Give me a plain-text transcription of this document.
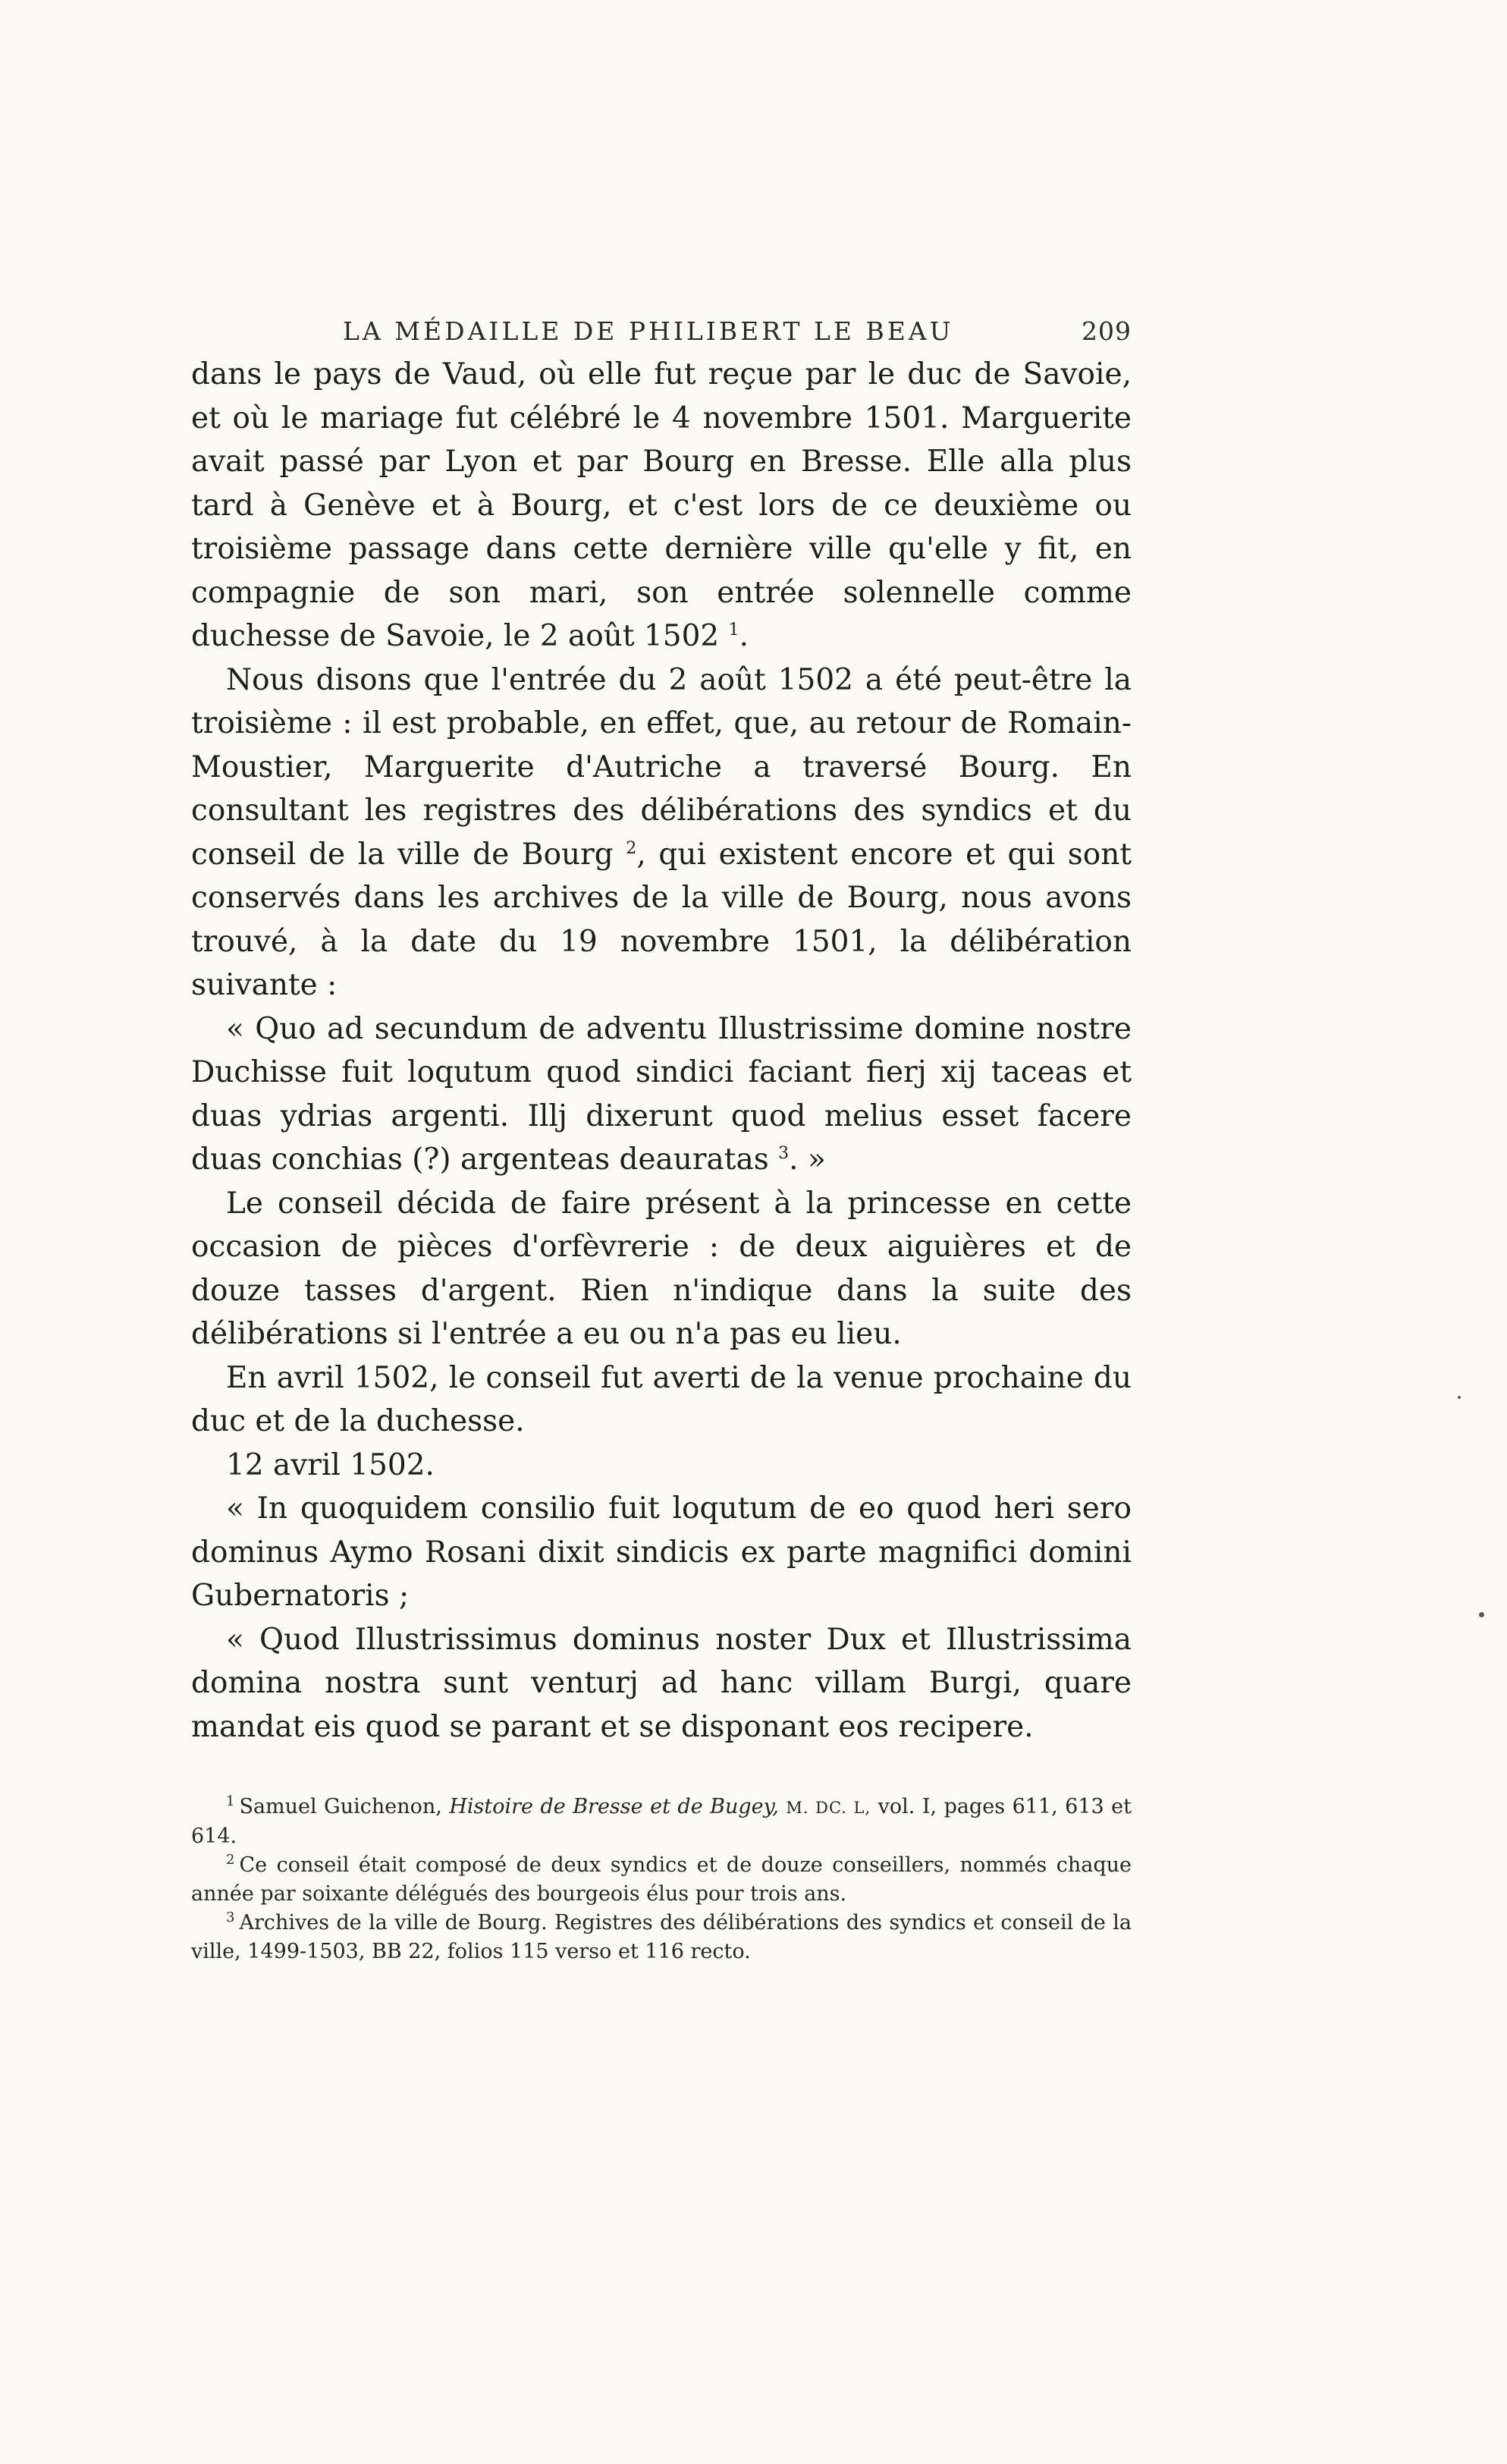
LA MÉDAILLE DE PHILIBERT LE BEAU	209

dans le pays de Vaud, où elle fut reçue par le duc de Savoie, et où le mariage fut célébré le 4 novembre 1501. Marguerite avait passé par Lyon et par Bourg en Bresse. Elle alla plus tard à Genève et à Bourg, et c'est lors de ce deuxième ou troisième passage dans cette dernière ville qu'elle y fit, en compagnie de son mari, son entrée solennelle comme duchesse de Savoie, le 2 août 1502 $^1$.

Nous disons que l'entrée du 2 août 1502 a été peut-être la troisième : il est probable, en effet, que, au retour de Romain-Moustier, Marguerite d'Autriche a traversé Bourg. En consultant les registres des délibérations des syndics et du conseil de la ville de Bourg $^2$, qui existent encore et qui sont conservés dans les archives de la ville de Bourg, nous avons trouvé, à la date du 19 novembre 1501, la délibération suivante :

« Quo ad secundum de adventu Illustrissime domine nostre Duchisse fuit loqutum quod sindici faciant fierj xij taceas et duas ydrias argenti. Illj dixerunt quod melius esset facere duas conchias (?) argenteas deauratas $^3$. »

Le conseil décida de faire présent à la princesse en cette occasion de pièces d'orfèvrerie : de deux aiguières et de douze tasses d'argent. Rien n'indique dans la suite des délibérations si l'entrée a eu ou n'a pas eu lieu.

En avril 1502, le conseil fut averti de la venue prochaine du duc et de la duchesse.

12 avril 1502.

« In quoquidem consilio fuit loqutum de eo quod heri sero dominus Aymo Rosani dixit sindicis ex parte magnifici domini Gubernatoris ;

« Quod Illustrissimus dominus noster Dux et Illustrissima domina nostra sunt venturj ad hanc villam Burgi, quare mandat eis quod se parant et se disponant eos recipere.

$^1$ Samuel Guichenon, Histoire de Bresse et de Bugey, M. DC. L, vol. I, pages 611, 613 et 614.

$^2$ Ce conseil était composé de deux syndics et de douze conseillers, nommés chaque année par soixante délégués des bourgeois élus pour trois ans.

$^3$ Archives de la ville de Bourg. Registres des délibérations des syndics et conseil de la ville, 1499-1503, BB 22, folios 115 verso et 116 recto.
